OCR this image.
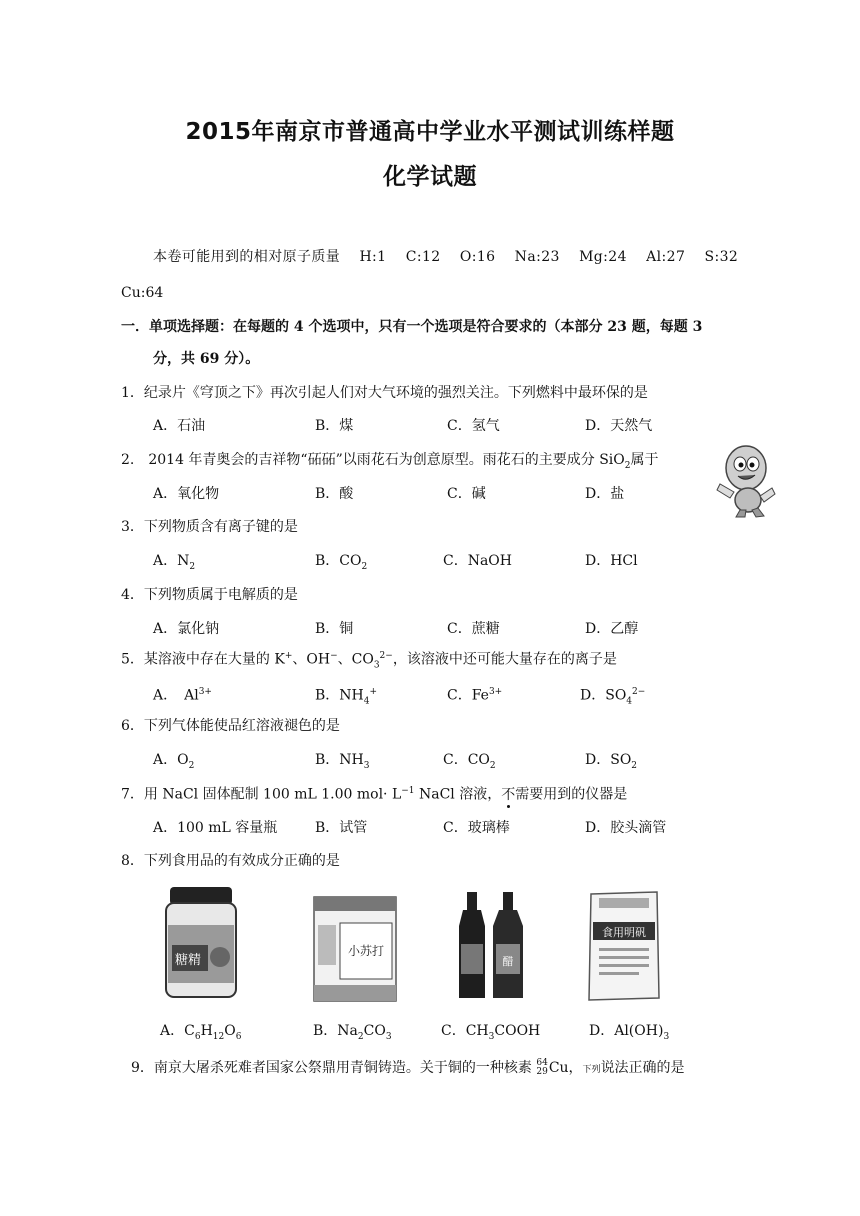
2015年南京市普通高中学业水平测试训练样题
化学试题
本卷可能用到的相对原子质量　 H:1　 C:12　 O:16　 Na:23　 Mg:24　 Al:27　 S:32
Cu:64
一．单项选择题：在每题的 4 个选项中，只有一个选项是符合要求的（本部分 23 题，每题 3
分，共 69 分）。
1．纪录片《穹顶之下》再次引起人们对大气环境的强烈关注。下列燃料中最环保的是
A．石油	B．煤	C．氢气	D．天然气
2.　2014 年青奥会的吉祥物“砳砳”以雨花石为创意原型。雨花石的主要成分 SiO$_2$属于
A．氧化物	B．酸	C．碱	D．盐
3．下列物质含有离子键的是
A．$N_2$	B．$CO_2$	C．NaOH	D．HCl
4．下列物质属于电解质的是
A．氯化钠	B．铜	C．蔗糖	D．乙醇
5．某溶液中存在大量的 K+、OH−、$CO_3^{2-}$，该溶液中还可能大量存在的离子是
A．　$Al^{3+}$	B．$NH_4^+$	C．$Fe^{3+}$	D．$SO_4^{2-}$
6．下列气体能使品红溶液褪色的是
A．$O_2$	B．$NH_3$	C．$CO_2$	D．$SO_2$
7．用 NaCl 固体配制 100 mL 1.00 $mol\cdot L^{-1}$ NaCl 溶液，不需要用到的仪器是
A．100 mL 容量瓶	B．试管	C．玻璃棒	D．胶头滴管
8．下列食用品的有效成分正确的是
糖精
小苏打
醋
食用明矾
A．$C_6H_{12}O_6$	B．$Na_2CO_3$	C．$CH_3COOH$	D．$Al(OH)_3$
9．南京大屠杀死难者国家公祭鼎用青铜铸造。关于铜的一种核素 64
29Cu，下列说法正确的是
